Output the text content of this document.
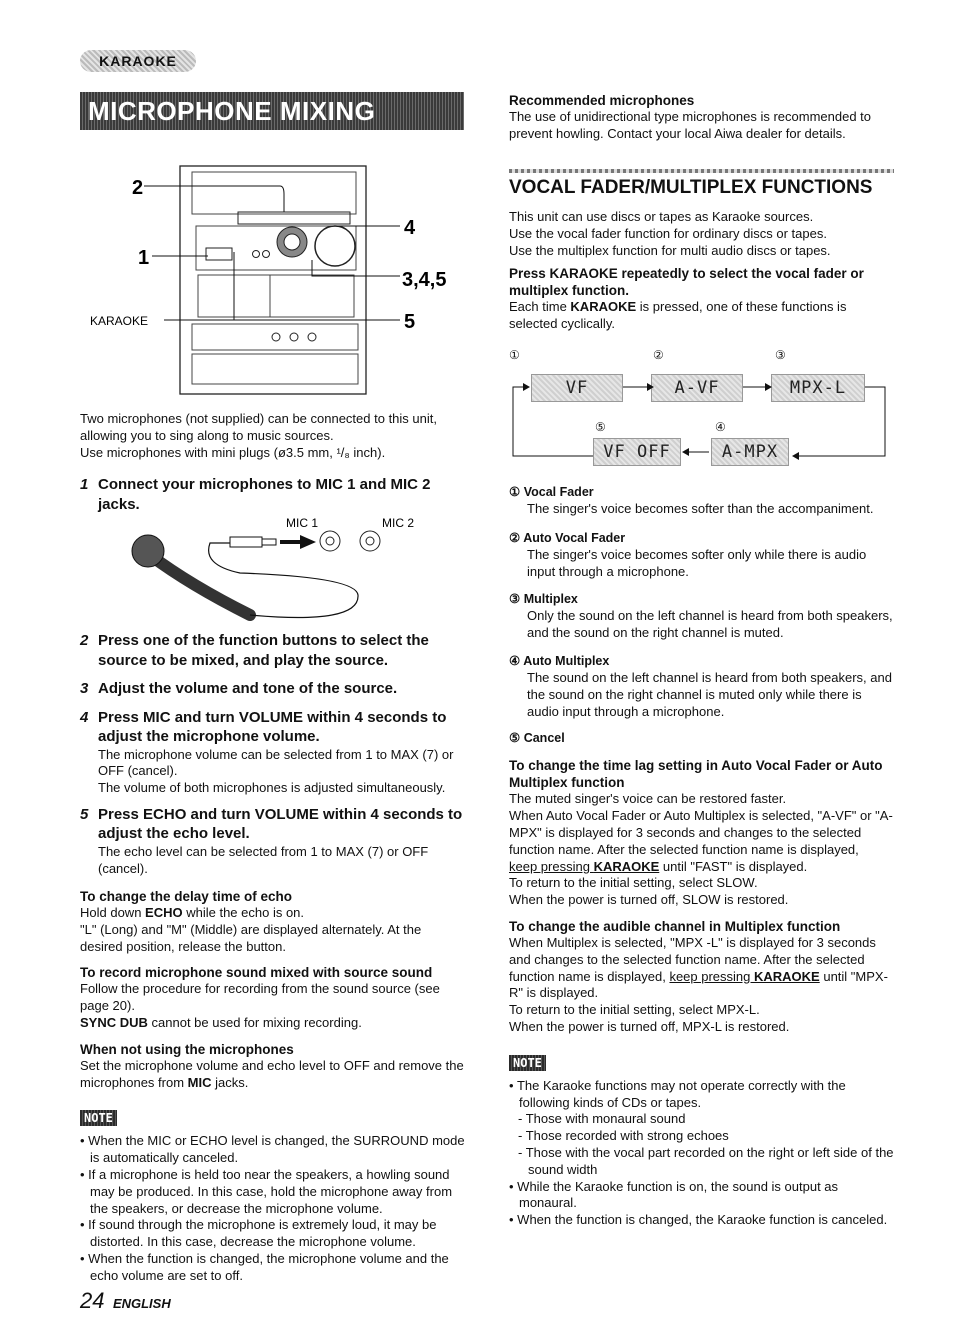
KARAOKE
MICROPHONE MIXING
2
1
4
3,4,5
5
KARAOKE

Two microphones (not supplied) can be connected to this unit,

allowing you to sing along to music sources.

Use microphones with mini plugs (ø3.5 mm, ¹/₈ inch).

1 Connect your microphones to MIC 1 and MIC 2 jacks.

MIC 1	MIC 2

2 Press one of the function buttons to select the source to be mixed, and play the source.

3 Adjust the volume and tone of the source.

4 Press MIC and turn VOLUME within 4 seconds to adjust the microphone volume.

The microphone volume can be selected from 1 to MAX (7) or OFF (cancel).

The volume of both microphones is adjusted simultaneously.

5 Press ECHO and turn VOLUME within 4 seconds to adjust the echo level.

The echo level can be selected from 1 to MAX (7) or OFF (cancel).

To change the delay time of echo

Hold down ECHO while the echo is on.

"L" (Long) and "M" (Middle) are displayed alternately. At the desired position, release the button.

To record microphone sound mixed with source sound

Follow the procedure for recording from the sound source (see page 20).

SYNC DUB cannot be used for mixing recording.

When not using the microphones

Set the microphone volume and echo level to OFF and remove the microphones from MIC jacks.

NOTE

• When the MIC or ECHO level is changed, the SURROUND mode is automatically canceled.

• If a microphone is held too near the speakers, a howling sound may be produced. In this case, hold the microphone away from the speakers, or decrease the microphone volume.

• If sound through the microphone is extremely loud, it may be distorted. In this case, decrease the microphone volume.

• When the function is changed, the microphone volume and the echo volume are set to off.

24 ENGLISH

Recommended microphones

The use of unidirectional type microphones is recommended to prevent howling. Contact your local Aiwa dealer for details.

VOCAL FADER/MULTIPLEX FUNCTIONS

This unit can use discs or tapes as Karaoke sources.

Use the vocal fader function for ordinary discs or tapes.

Use the multiplex function for multi audio discs or tapes.

Press KARAOKE repeatedly to select the vocal fader or multiplex function.

Each time KARAOKE is pressed, one of these functions is selected cyclically.

①	②	③
⑤	④
VF	A-VF	MPX-L
VF OFF	A-MPX

① Vocal Fader

The singer's voice becomes softer than the accompaniment.

② Auto Vocal Fader

The singer's voice becomes softer only while there is audio input through a microphone.

③ Multiplex

Only the sound on the left channel is heard from both speakers, and the sound on the right channel is muted.

④ Auto Multiplex

The sound on the left channel is heard from both speakers, and the sound on the right channel is muted only while there is audio input through a microphone.

⑤ Cancel

To change the time lag setting in Auto Vocal Fader or Auto Multiplex function

The muted singer's voice can be restored faster.

When Auto Vocal Fader or Auto Multiplex is selected, "A-VF" or "A-MPX" is displayed for 3 seconds and changes to the selected function name. After the selected function name is displayed,

keep pressing KARAOKE until "FAST" is displayed.

To return to the initial setting, select SLOW.

When the power is turned off, SLOW is restored.

To change the audible channel in Multiplex function

When Multiplex is selected, "MPX -L" is displayed for 3 seconds and changes to the selected function name. After the selected function name is displayed, keep pressing KARAOKE until "MPX-R" is displayed.

To return to the initial setting, select MPX-L.

When the power is turned off, MPX-L is restored.

NOTE

• The Karaoke functions may not operate correctly with the following kinds of CDs or tapes.

- Those with monaural sound

- Those recorded with strong echoes

- Those with the vocal part recorded on the right or left side of the sound width

• While the Karaoke function is on, the sound is output as monaural.

• When the function is changed, the Karaoke function is canceled.
